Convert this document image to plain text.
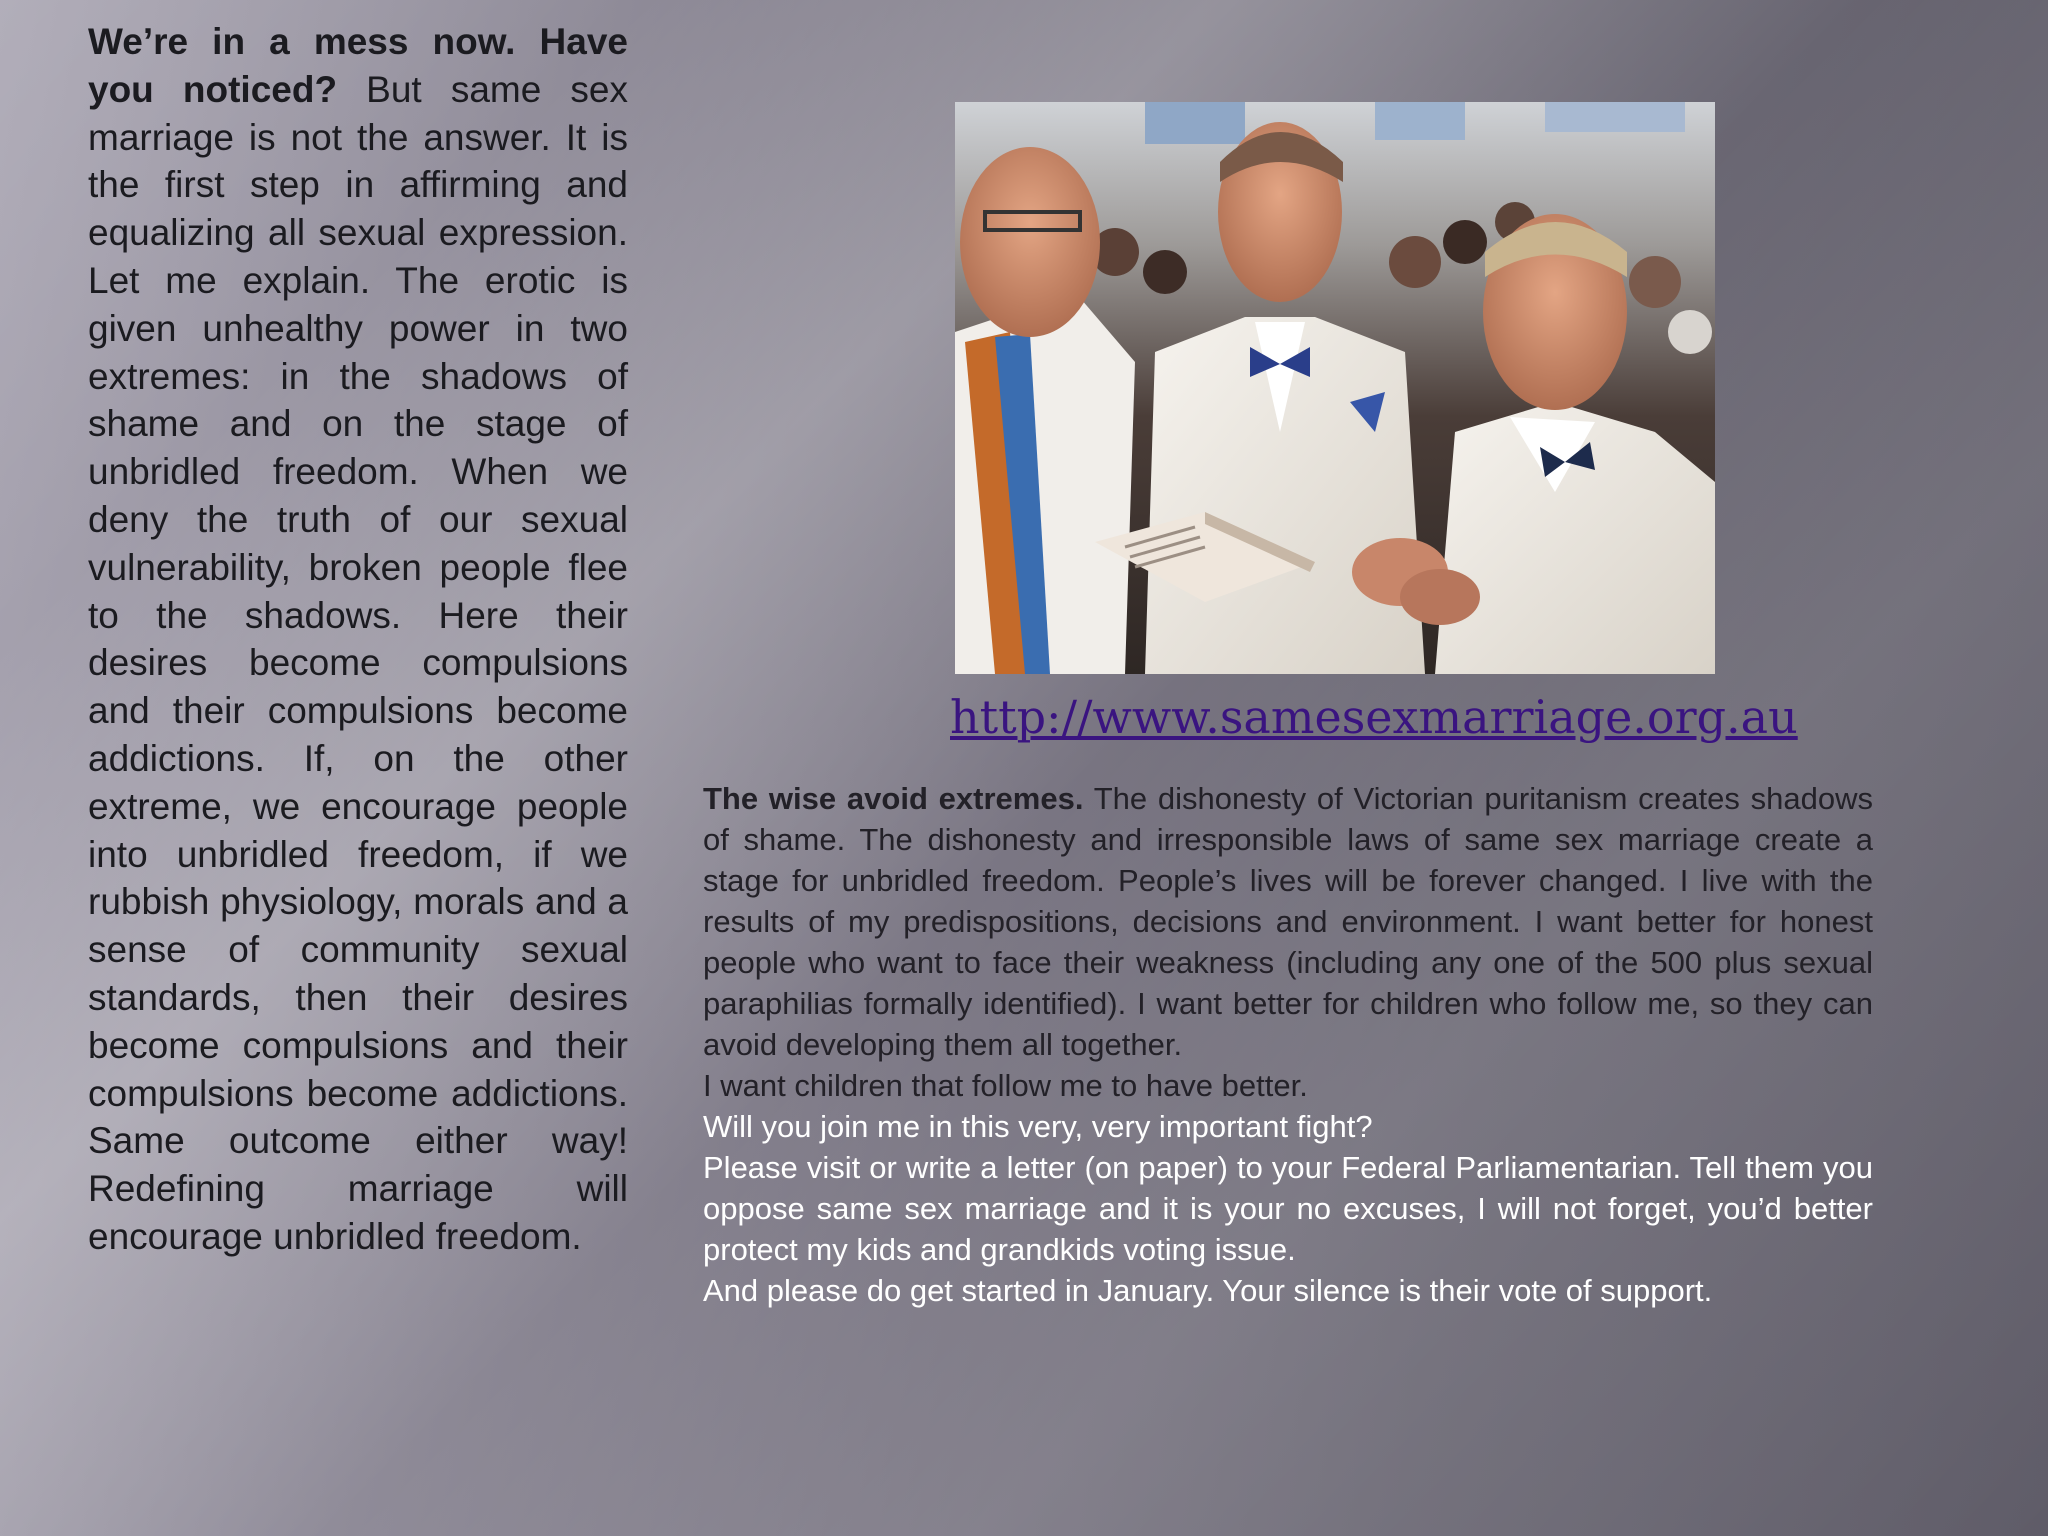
We’re in a mess now. Have you noticed? But same sex marriage is not the answer. It is the first step in affirming and equalizing all sexual expression. Let me explain. The erotic is given unhealthy power in two extremes: in the shadows of shame and on the stage of unbridled freedom. When we deny the truth of our sexual vulnerability, broken people flee to the shadows. Here their desires become compulsions and their compulsions become addictions. If, on the other extreme, we encourage people into unbridled freedom, if we rubbish physiology, morals and a sense of community sexual standards, then their desires become compulsions and their compulsions become addictions. Same outcome either way! Redefining marriage will encourage unbridled freedom.
http://www.samesexmarriage.org.au

The wise avoid extremes. The dishonesty of Victorian puritanism creates shadows of shame. The dishonesty and irresponsible laws of same sex marriage create a stage for unbridled freedom. People’s lives will be forever changed. I live with the results of my predispositions, decisions and environment. I want better for honest people who want to face their weakness (including any one of the 500 plus sexual paraphilias formally identified). I want better for children who follow me, so they can avoid developing them all together.

I want children that follow me to have better.

Will you join me in this very, very important fight?

Please visit or write a letter (on paper) to your Federal Parliamentarian. Tell them you oppose same sex marriage and it is your no excuses, I will not forget, you’d better protect my kids and grandkids voting issue.

And please do get started in January. Your silence is their vote of support.
